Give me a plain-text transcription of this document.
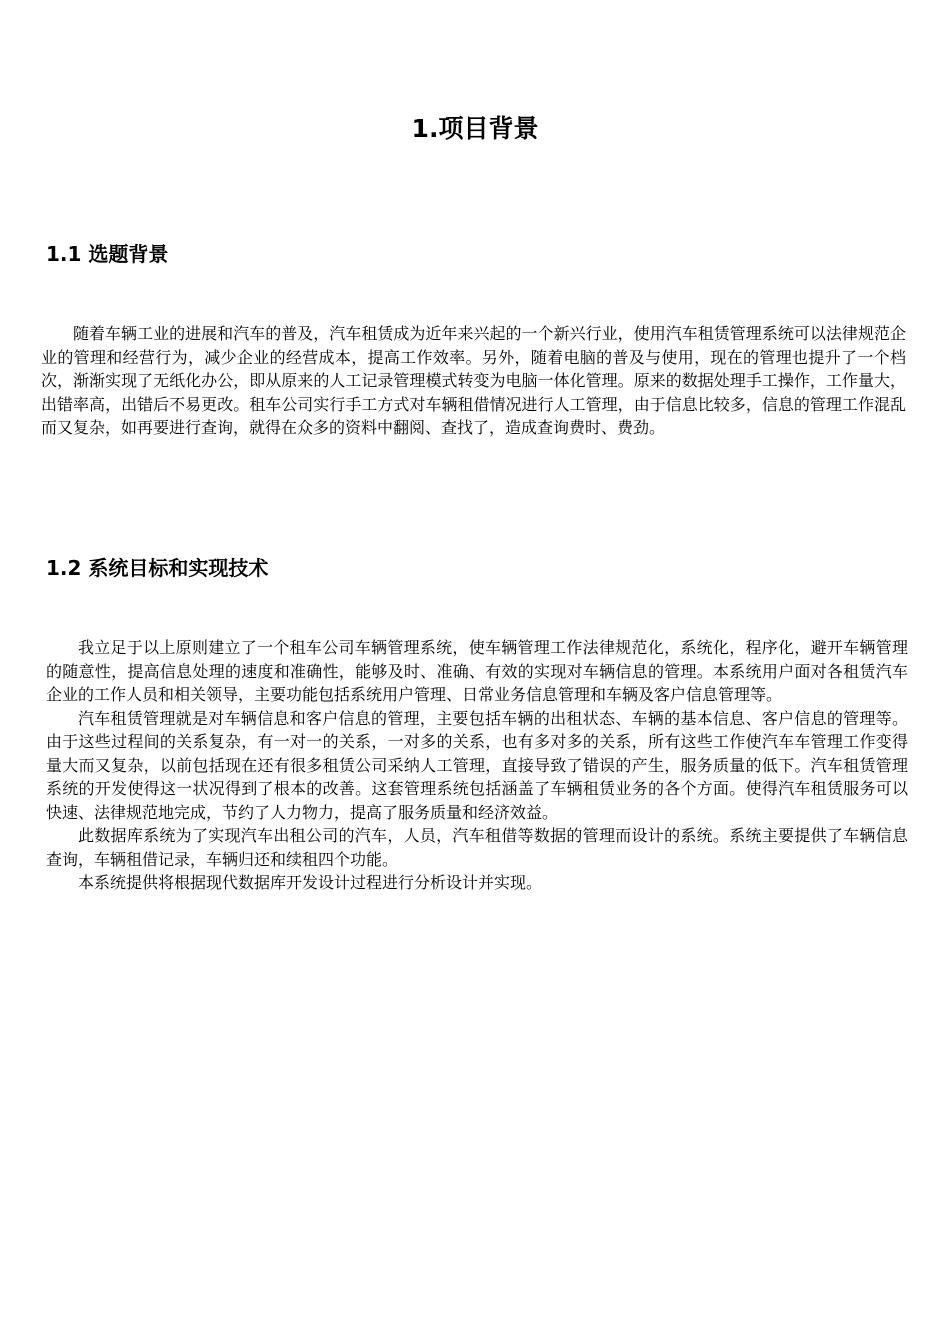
1.项目背景
1.1 选题背景

随着车辆工业的进展和汽车的普及，汽车租赁成为近年来兴起的一个新兴行业，使用汽车租赁管理系统可以法律规范企业的管理和经营行为，减少企业的经营成本，提高工作效率。另外，随着电脑的普及与使用，现在的管理也提升了一个档次，渐渐实现了无纸化办公，即从原来的人工记录管理模式转变为电脑一体化管理。原来的数据处理手工操作，工作量大，出错率高，出错后不易更改。租车公司实行手工方式对车辆租借情况进行人工管理，由于信息比较多，信息的管理工作混乱而又复杂，如再要进行查询，就得在众多的资料中翻阅、查找了，造成查询费时、费劲。

1.2 系统目标和实现技术

我立足于以上原则建立了一个租车公司车辆管理系统，使车辆管理工作法律规范化，系统化，程序化，避开车辆管理的随意性，提高信息处理的速度和准确性，能够及时、准确、有效的实现对车辆信息的管理。本系统用户面对各租赁汽车企业的工作人员和相关领导，主要功能包括系统用户管理、日常业务信息管理和车辆及客户信息管理等。

汽车租赁管理就是对车辆信息和客户信息的管理，主要包括车辆的出租状态、车辆的基本信息、客户信息的管理等。由于这些过程间的关系复杂，有一对一的关系，一对多的关系，也有多对多的关系，所有这些工作使汽车车管理工作变得量大而又复杂，以前包括现在还有很多租赁公司采纳人工管理，直接导致了错误的产生，服务质量的低下。汽车租赁管理系统的开发使得这一状况得到了根本的改善。这套管理系统包括涵盖了车辆租赁业务的各个方面。使得汽车租赁服务可以快速、法律规范地完成，节约了人力物力，提高了服务质量和经济效益。

此数据库系统为了实现汽车出租公司的汽车，人员，汽车租借等数据的管理而设计的系统。系统主要提供了车辆信息查询，车辆租借记录，车辆归还和续租四个功能。

本系统提供将根据现代数据库开发设计过程进行分析设计并实现。
